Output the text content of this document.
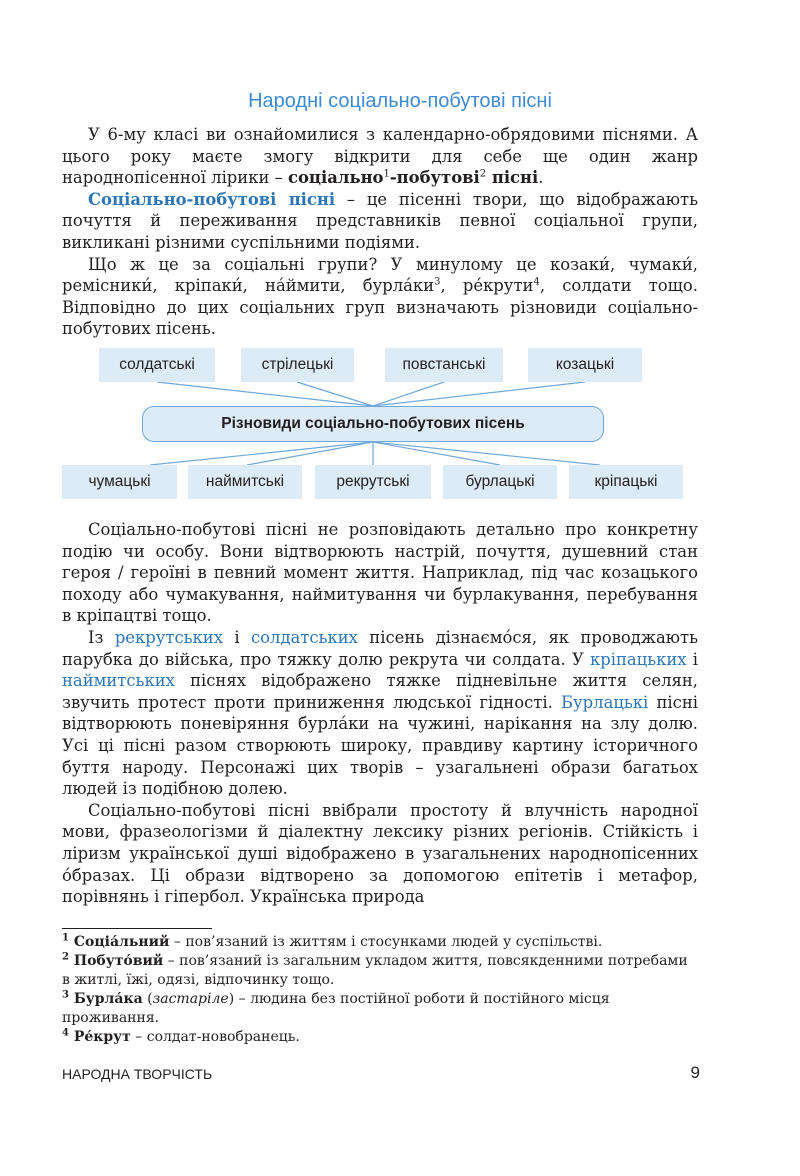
Народні соціально-побутові пісні

У 6-му класі ви ознайомилися з календарно-обрядовими піснями. А цього року маєте змогу відкрити для себе ще один жанр народнопісенної лірики – соціально$^1$-побутові$^2$ пісні.

Соціально-побутові пісні – це пісенні твори, що відображають почуття й переживання представників певної соціальної групи, викликані різними суспільними подіями.

Що ж це за соціальні групи? У минулому це козаки́, чумаки́, ремісники́, кріпаки́, на́ймити, $бурла́ки^3$, ре́крути$^4$, солдати тощо. Відповідно до цих соціальних груп визначають різновиди соціально-побутових пісень.

солдатські	стрілецькі	повстанські	козацькі
Різновиди соціально-побутових пісень
чумацькі	наймитські	рекрутські	бурлацькі	кріпацькі

Соціально-побутові пісні не розповідають детально про конкретну подію чи особу. Вони відтворюють настрій, почуття, душевний стан героя / героїні в певний момент життя. Наприклад, під час козацького походу або чумакування, наймитування чи бурлакування, перебування в кріпацтві тощо.

Із рекрутських і солдатських пісень дізнаємо́ся, як проводжають парубка до війська, про тяжку долю рекрута чи солдата. У кріпацьких і наймитських піснях відображено тяжке підневільне життя селян, звучить протест проти приниження людської гідності. Бурлацькі пісні відтворюють поневіряння бурла́ки на чужині, нарікання на злу долю. Усі ці пісні разом створюють широку, правдиву картину історичного буття народу. Персонажі цих творів – узагальнені образи багатьох людей із подібною долею.

Соціально-побутові пісні ввібрали простоту й влучність народної мови, фразеологізми й діалектну лексику різних регіонів. Стійкість і ліризм української душі відображено в узагальнених народнопісенних о́бразах. Ці образи відтворено за допомогою епітетів і метафор, порівнянь і гіпербол. Українська природа

$^1$ Соціа́льний – пов’язаний із життям і стосунками людей у суспільстві.

$^2$ Побуто́вий – пов’язаний із загальним укладом життя, повсякденними потребами в житлі, їжі, одязі, відпочинку тощо.

$^3$ Бурла́ка (застаріле) – людина без постійної роботи й постійного місця проживання.

$^4$ Ре́крут – солдат-новобранець.

НАРОДНА ТВОРЧІСТЬ	9
